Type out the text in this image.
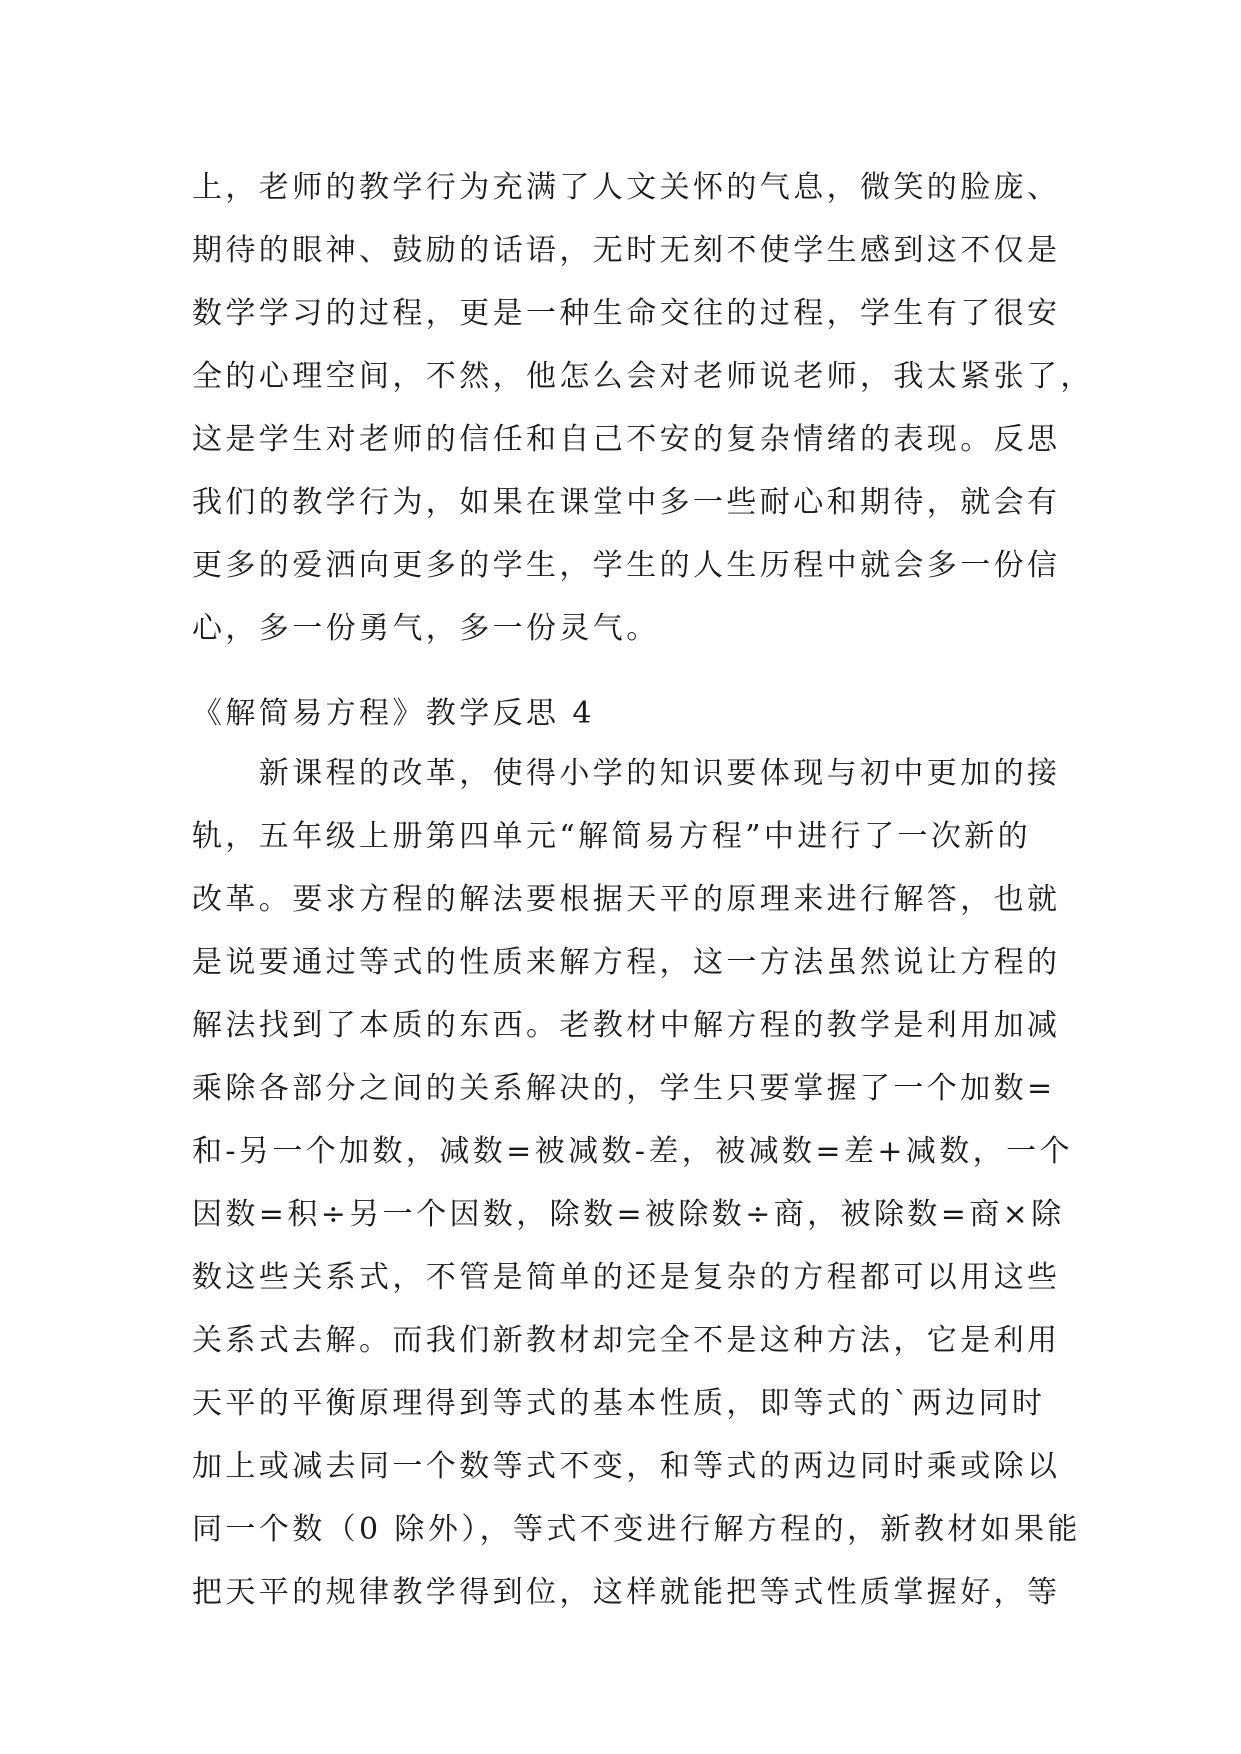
上，老师的教学行为充满了人文关怀的气息，微笑的脸庞、
期待的眼神、鼓励的话语，无时无刻不使学生感到这不仅是
数学学习的过程，更是一种生命交往的过程，学生有了很安
全的心理空间，不然，他怎么会对老师说老师，我太紧张了，
这是学生对老师的信任和自己不安的复杂情绪的表现。反思
我们的教学行为，如果在课堂中多一些耐心和期待，就会有
更多的爱洒向更多的学生，学生的人生历程中就会多一份信
心，多一份勇气，多一份灵气。
《解简易方程》教学反思 4
　　新课程的改革，使得小学的知识要体现与初中更加的接
轨，五年级上册第四单元“解简易方程”中进行了一次新的
改革。要求方程的解法要根据天平的原理来进行解答，也就
是说要通过等式的性质来解方程，这一方法虽然说让方程的
解法找到了本质的东西。老教材中解方程的教学是利用加减
乘除各部分之间的关系解决的，学生只要掌握了一个加数=
和-另一个加数，减数=被减数-差，被减数=差+减数，一个
因数=积÷另一个因数，除数=被除数÷商，被除数=商×除
数这些关系式，不管是简单的还是复杂的方程都可以用这些
关系式去解。而我们新教材却完全不是这种方法，它是利用
天平的平衡原理得到等式的基本性质，即等式的`两边同时
加上或减去同一个数等式不变，和等式的两边同时乘或除以
同一个数（0 除外），等式不变进行解方程的，新教材如果能
把天平的规律教学得到位，这样就能把等式性质掌握好，等
